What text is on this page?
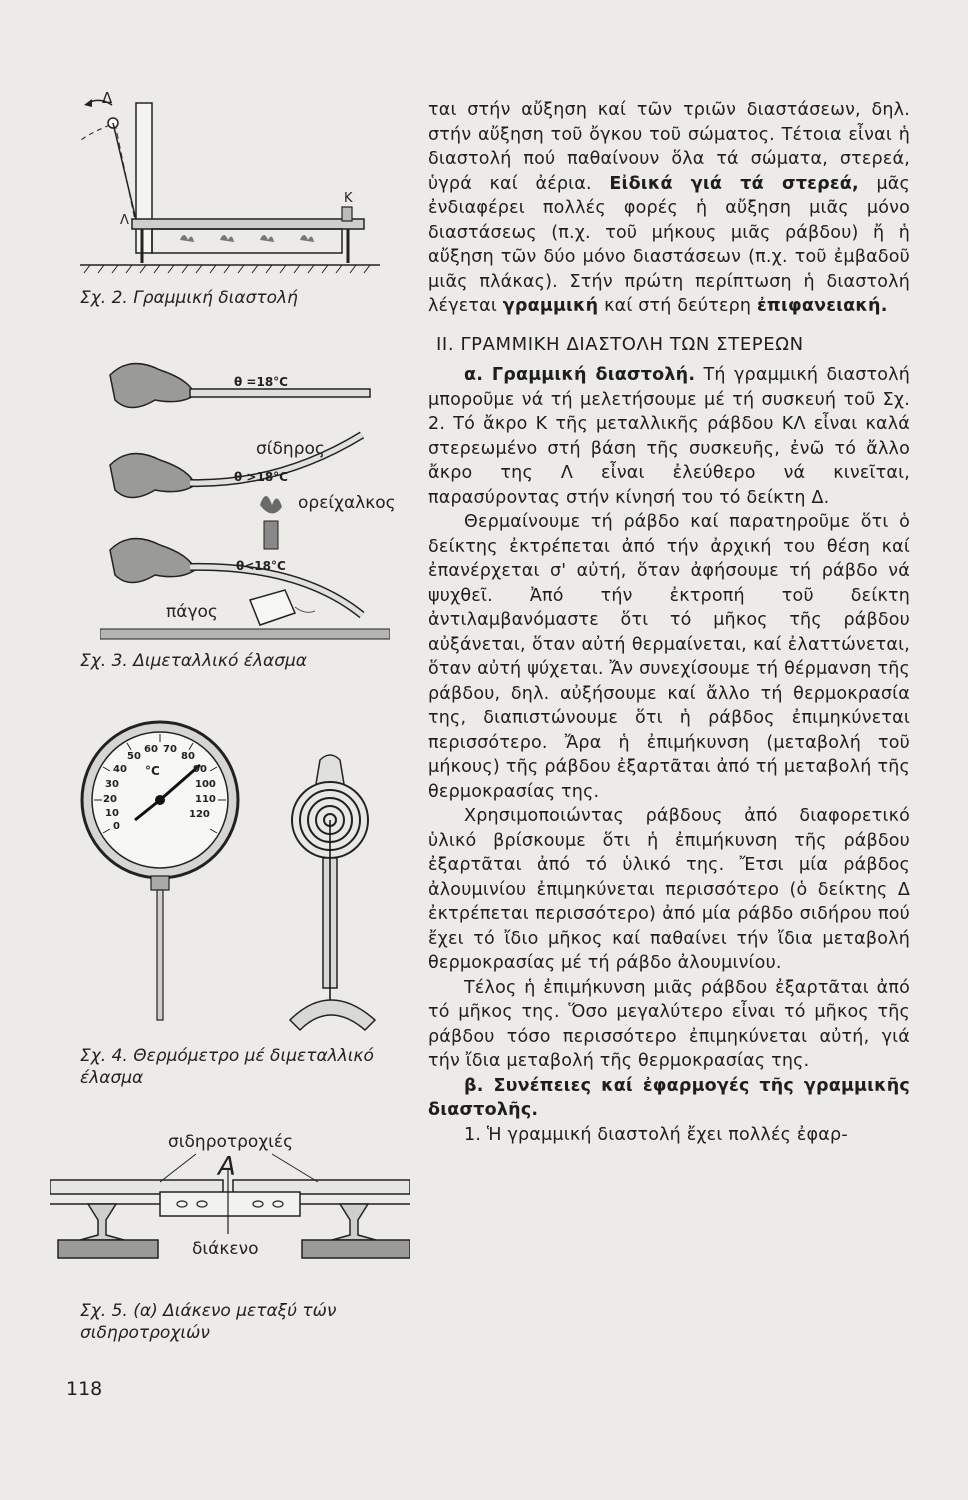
Δ
Κ
Λ
Σχ. 2. Γραμμική διαστολή
θ =18°C
σίδηρος
θ >18°C
ορείχαλκος
θ<18°C
πάγος
Σχ. 3. Διμεταλλικό έλασμα
0
10
20
30
40
50
60 70
80
90
100
110
120
°C
Σχ. 4. Θερμόμετρο μέ διμεταλλικό έλασμα
σιδηροτροχιές
Α
διάκενο
Σχ. 5. (α) Διάκενο μεταξύ τών σιδηροτροχιών

ται στήν αὔξηση καί τῶν τριῶν διαστάσεων, δηλ. στήν αὔξηση τοῦ ὄγκου τοῦ σώματος. Τέτοια εἶναι ἡ διαστολή πού παθαίνουν ὅλα τά σώματα, στερεά, ὑγρά καί ἀέρια. Εἰδικά γιά τά στερεά, μᾶς ἐνδιαφέρει πολλές φορές ἡ αὔξηση μιᾶς μόνο διαστάσεως (π.χ. τοῦ μήκους μιᾶς ράβδου) ἤ ἡ αὔξηση τῶν δύο μόνο διαστάσεων (π.χ. τοῦ ἐμβαδοῦ μιᾶς πλάκας). Στήν πρώτη περίπτωση ἡ διαστολή λέγεται γραμμική καί στή δεύτερη ἐπιφανειακή.

II. ΓΡΑΜΜΙΚΗ ΔΙΑΣΤΟΛΗ ΤΩΝ ΣΤΕΡΕΩΝ

α. Γραμμική διαστολή. Τή γραμμική διαστολή μποροῦμε νά τή μελετήσουμε μέ τή συσκευή τοῦ Σχ. 2. Τό ἄκρο Κ τῆς μεταλλικῆς ράβδου ΚΛ εἶναι καλά στερεωμένο στή βάση τῆς συσκευῆς, ἐνῶ τό ἄλλο ἄκρο της Λ εἶναι ἐλεύθερο νά κινεῖται, παρασύροντας στήν κίνησή του τό δείκτη Δ.

Θερμαίνουμε τή ράβδο καί παρατηροῦμε ὅτι ὁ δείκτης ἐκτρέπεται ἀπό τήν ἀρχική του θέση καί ἐπανέρχεται σ' αὐτή, ὅταν ἀφήσουμε τή ράβδο νά ψυχθεῖ. Ἀπό τήν ἐκτροπή τοῦ δείκτη ἀντιλαμβανόμαστε ὅτι τό μῆκος τῆς ράβδου αὐξάνεται, ὅταν αὐτή θερμαίνεται, καί ἐλαττώνεται, ὅταν αὐτή ψύχεται. Ἄν συνεχίσουμε τή θέρμανση τῆς ράβδου, δηλ. αὐξήσουμε καί ἄλλο τή θερμοκρασία της, διαπιστώνουμε ὅτι ἡ ράβδος ἐπιμηκύνεται περισσότερο. Ἄρα ἡ ἐπιμήκυνση (μεταβολή τοῦ μήκους) τῆς ράβδου ἐξαρτᾶται ἀπό τή μεταβολή τῆς θερμοκρασίας της.

Χρησιμοποιώντας ράβδους ἀπό διαφορετικό ὑλικό βρίσκουμε ὅτι ἡ ἐπιμήκυνση τῆς ράβδου ἐξαρτᾶται ἀπό τό ὑλικό της. Ἔτσι μία ράβδος ἀλουμινίου ἐπιμηκύνεται περισσότερο (ὁ δείκτης Δ ἐκτρέπεται περισσότερο) ἀπό μία ράβδο σιδήρου πού ἔχει τό ἴδιο μῆκος καί παθαίνει τήν ἴδια μεταβολή θερμοκρασίας μέ τή ράβδο ἀλουμινίου.

Τέλος ἡ ἐπιμήκυνση μιᾶς ράβδου ἐξαρτᾶται ἀπό τό μῆκος της. Ὅσο μεγαλύτερο εἶναι τό μῆκος τῆς ράβδου τόσο περισσότερο ἐπιμηκύνεται αὐτή, γιά τήν ἴδια μεταβολή τῆς θερμοκρασίας της.

β. Συνέπειες καί ἐφαρμογές τῆς γραμμικῆς διαστολῆς.

1. Ἡ γραμμική διαστολή ἔχει πολλές ἐφαρ-

118
